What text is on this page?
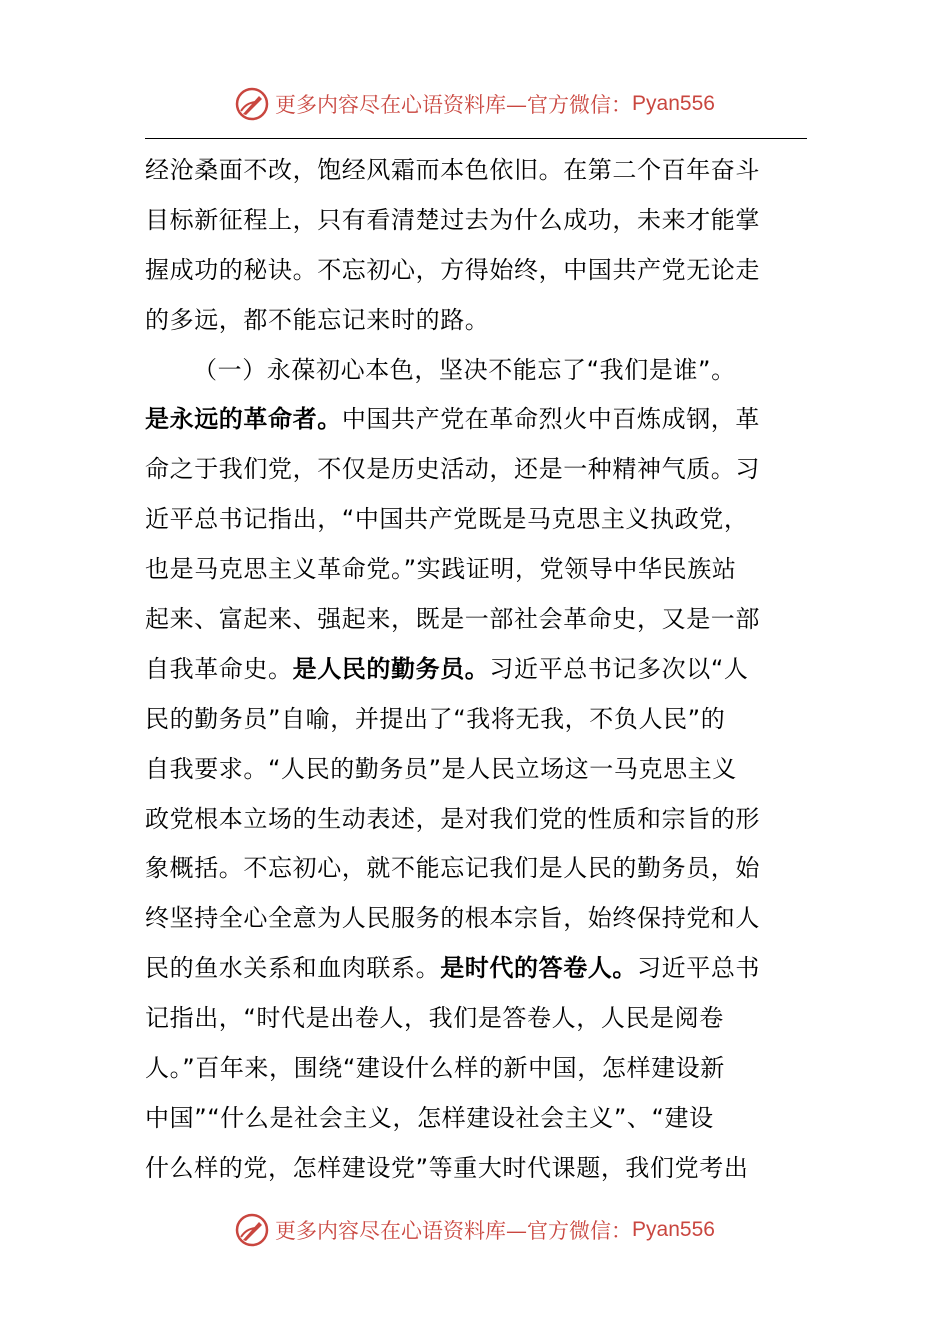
更多内容尽在心语资料库—官方微信： Pyan556
经沧桑面不改，饱经风霜而本色依旧。在第二个百年奋斗
目标新征程上，只有看清楚过去为什么成功，未来才能掌
握成功的秘诀。不忘初心，方得始终，中国共产党无论走
的多远，都不能忘记来时的路。
（一）永葆初心本色，坚决不能忘了“我们是谁”。
是永远的革命者。中国共产党在革命烈火中百炼成钢，革
命之于我们党，不仅是历史活动，还是一种精神气质。习
近平总书记指出，“中国共产党既是马克思主义执政党，
也是马克思主义革命党。”实践证明，党领导中华民族站
起来、富起来、强起来，既是一部社会革命史，又是一部
自我革命史。是人民的勤务员。习近平总书记多次以“人
民的勤务员”自喻，并提出了“我将无我，不负人民”的
自我要求。“人民的勤务员”是人民立场这一马克思主义
政党根本立场的生动表述，是对我们党的性质和宗旨的形
象概括。不忘初心，就不能忘记我们是人民的勤务员，始
终坚持全心全意为人民服务的根本宗旨，始终保持党和人
民的鱼水关系和血肉联系。是时代的答卷人。习近平总书
记指出，“时代是出卷人，我们是答卷人，人民是阅卷
人。”百年来，围绕“建设什么样的新中国，怎样建设新
中国”“什么是社会主义，怎样建设社会主义”、“建设
什么样的党，怎样建设党”等重大时代课题，我们党考出
更多内容尽在心语资料库—官方微信： Pyan556
